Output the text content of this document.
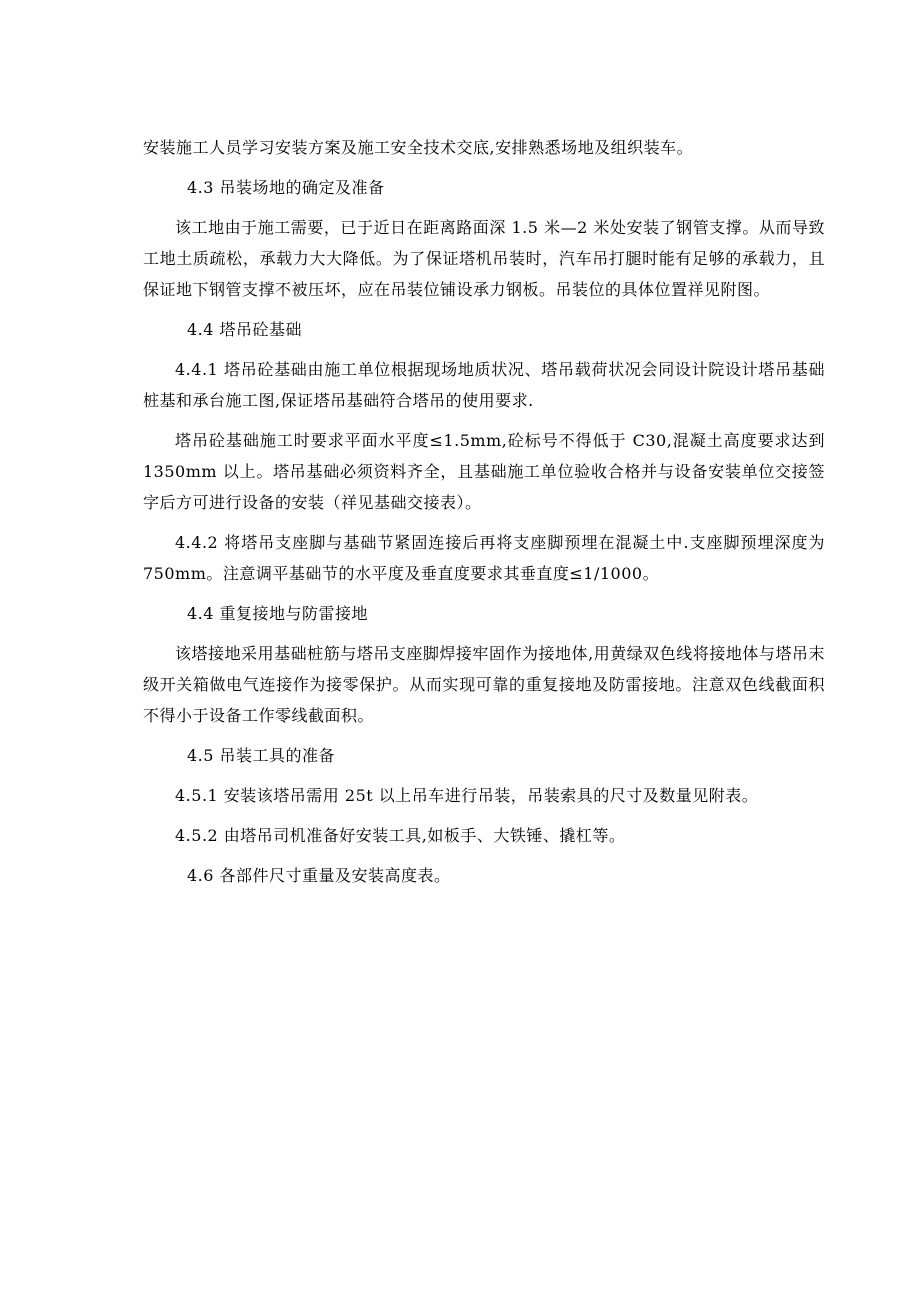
安装施工人员学习安装方案及施工安全技术交底,安排熟悉场地及组织装车。

4.3 吊装场地的确定及准备

该工地由于施工需要，已于近日在距离路面深 1.5 米—2 米处安装了钢管支撑。从而导致工地土质疏松，承载力大大降低。为了保证塔机吊装时，汽车吊打腿时能有足够的承载力，且保证地下钢管支撑不被压坏，应在吊装位铺设承力钢板。吊装位的具体位置祥见附图。

4.4 塔吊砼基础

4.4.1 塔吊砼基础由施工单位根据现场地质状况、塔吊载荷状况会同设计院设计塔吊基础桩基和承台施工图,保证塔吊基础符合塔吊的使用要求.

塔吊砼基础施工时要求平面水平度≤1.5mm,砼标号不得低于 C30,混凝土高度要求达到 1350mm 以上。塔吊基础必须资料齐全，且基础施工单位验收合格并与设备安装单位交接签字后方可进行设备的安装（祥见基础交接表）。

4.4.2 将塔吊支座脚与基础节紧固连接后再将支座脚预埋在混凝土中.支座脚预埋深度为 750mm。注意调平基础节的水平度及垂直度要求其垂直度≤1/1000。

4.4 重复接地与防雷接地

该塔接地采用基础桩筋与塔吊支座脚焊接牢固作为接地体,用黄绿双色线将接地体与塔吊末级开关箱做电气连接作为接零保护。从而实现可靠的重复接地及防雷接地。注意双色线截面积不得小于设备工作零线截面积。

4.5 吊装工具的准备

4.5.1 安装该塔吊需用 25t 以上吊车进行吊装，吊装索具的尺寸及数量见附表。

4.5.2 由塔吊司机准备好安装工具,如板手、大铁锤、撬杠等。

4.6 各部件尺寸重量及安装高度表。
